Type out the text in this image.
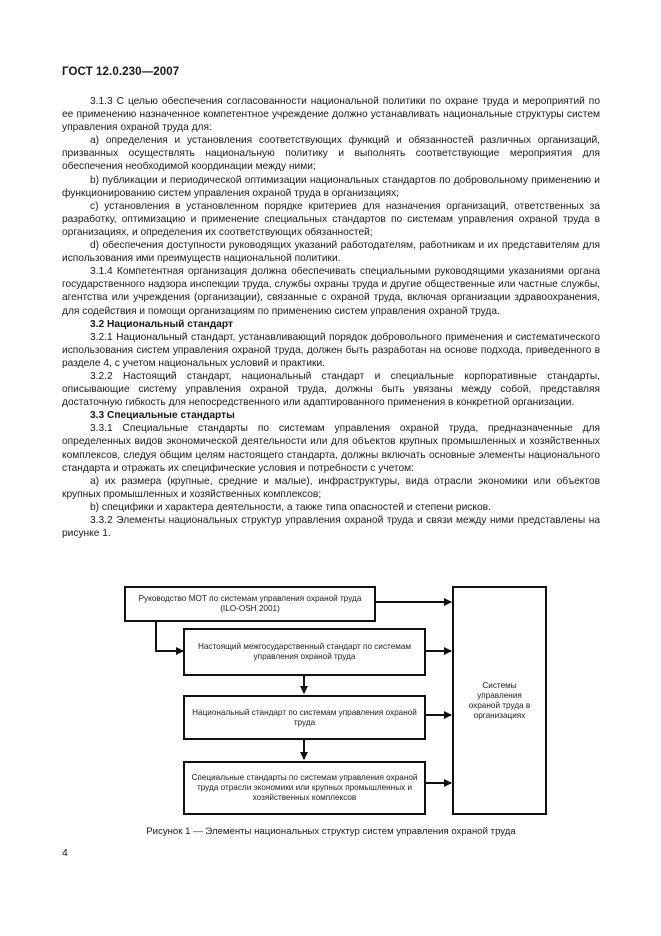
ГОСТ 12.0.230—2007

3.1.3 С целью обеспечения согласованности национальной политики по охране труда и мероприятий по ее применению назначенное компетентное учреждение должно устанавливать национальные структуры систем управления охраной труда для:

а) определения и установления соответствующих функций и обязанностей различных организаций, призванных осуществлять национальную политику и выполнять соответствующие мероприятия для обеспечения необходимой координации между ними;

b) публикации и периодической оптимизации национальных стандартов по добровольному применению и функционированию систем управления охраной труда в организациях;

с) установления в установленном порядке критериев для назначения организаций, ответственных за разработку, оптимизацию и применение специальных стандартов по системам управления охраной труда в организациях, и определения их соответствующих обязанностей;

d) обеспечения доступности руководящих указаний работодателям, работникам и их представителям для использования ими преимуществ национальной политики.

3.1.4 Компетентная организация должна обеспечивать специальными руководящими указаниями органа государственного надзора инспекции труда, службы охраны труда и другие общественные или частные службы, агентства или учреждения (организации), связанные с охраной труда, включая организации здравоохранения, для содействия и помощи организациям по применению систем управления охраной труда.

3.2 Национальный стандарт

3.2.1 Национальный стандарт, устанавливающий порядок добровольного применения и систематического использования систем управления охраной труда, должен быть разработан на основе подхода, приведенного в разделе 4, с учетом национальных условий и практики.

3.2.2 Настоящий стандарт, национальный стандарт и специальные корпоративные стандарты, описывающие систему управления охраной труда, должны быть увязаны между собой, представляя достаточную гибкость для непосредственного или адаптированного применения в конкретной организации.

3.3 Специальные стандарты

3.3.1 Специальные стандарты по системам управления охраной труда, предназначенные для определенных видов экономической деятельности или для объектов крупных промышленных и хозяйственных комплексов, следуя общим целям настоящего стандарта, должны включать основные элементы национального стандарта и отражать их специфические условия и потребности с учетом:

а) их размера (крупные, средние и малые), инфраструктуры, вида отрасли экономики или объектов крупных промышленных и хозяйственных комплексов;

b) специфики и характера деятельности, а также типа опасностей и степени рисков.

3.3.2 Элементы национальных структур управления охраной труда и связи между ними представлены на рисунке 1.

Руководство МОТ по системам управления охраной труда (ILO-OSH 2001)
Настоящий межгосударственный стандарт по системам управления охраной труда
Национальный стандарт по системам управления охраной труда
Специальные стандарты по системам управления охраной труда отрасли экономики или крупных промышленных и хозяйственных комплексов
Системы управления охраной труда в организациях
Рисунок 1 — Элементы национальных структур систем управления охраной труда
4
